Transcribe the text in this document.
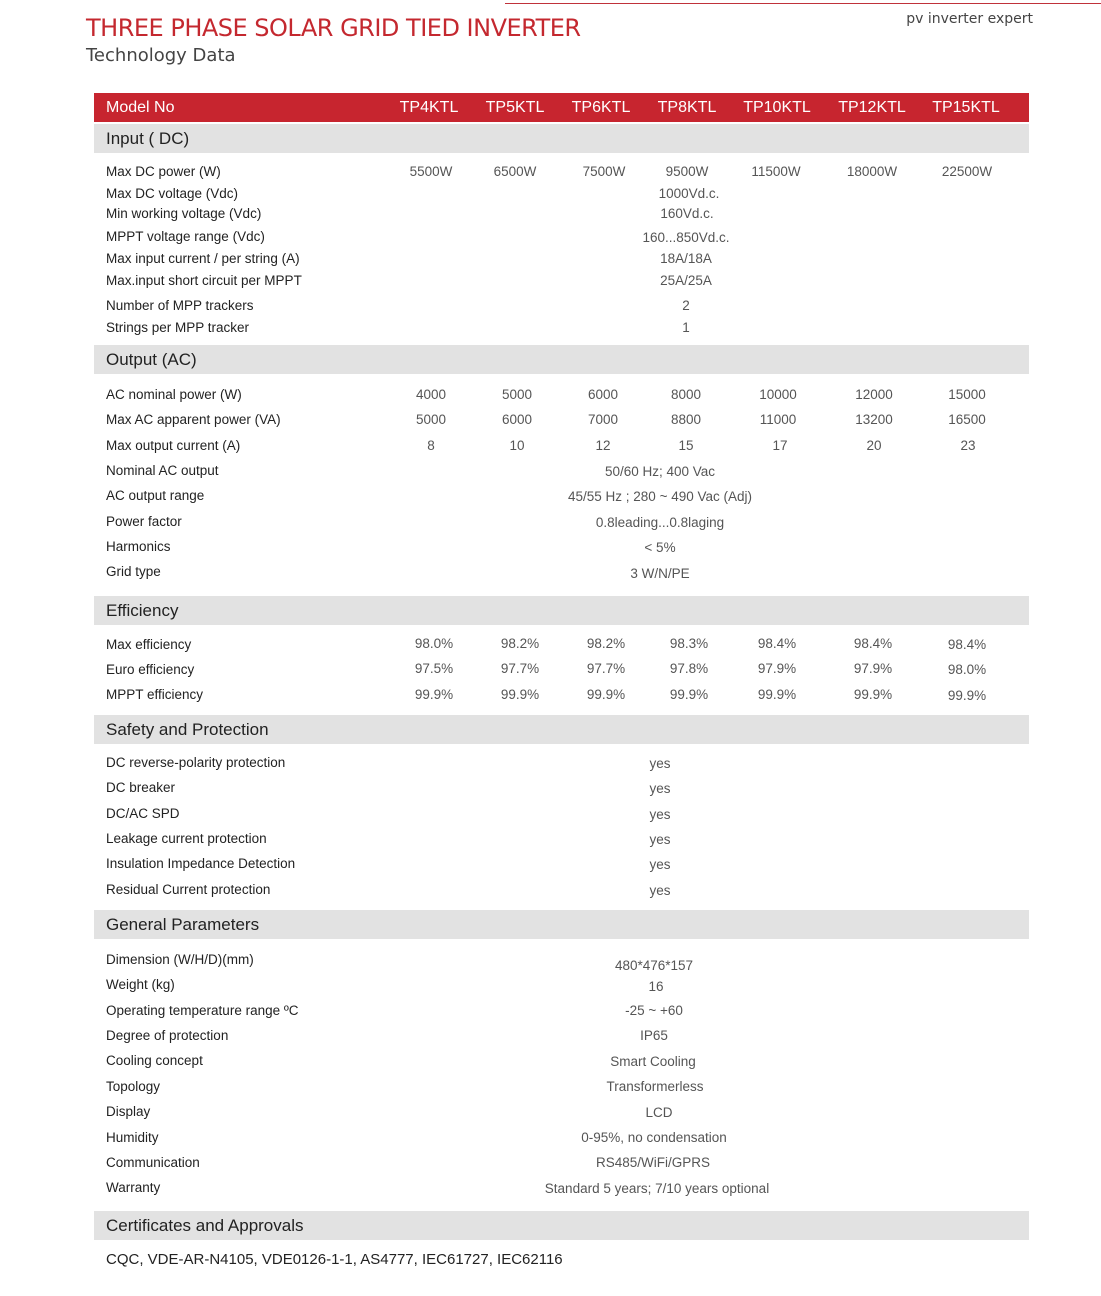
pv inverter expert
THREE PHASE SOLAR GRID TIED INVERTER
Technology Data
Model No	TP4KTL TP5KTL TP6KTL TP8KTL TP10KTL TP12KTL TP15KTL
Input ( DC)
Max DC power (W)	5500W	6500W	7500W	9500W	11500W	18000W	22500W
Max DC voltage (Vdc)	1000Vd.c.
Min working voltage (Vdc)	160Vd.c.
MPPT voltage range (Vdc)	160...850Vd.c.
Max input current / per string (A)	18A/18A
Max.input short circuit per MPPT	25A/25A
Number of MPP trackers	2
Strings per MPP tracker	1
Output (AC)
AC nominal power (W)	4000	5000	6000	8000	10000	12000	15000
Max AC apparent power (VA)	5000	6000	7000	8800	11000	13200	16500
Max output current (A)	8	10	12	15	17	20	23
Nominal AC output	50/60 Hz; 400 Vac
AC output range	45/55 Hz ; 280 ~ 490 Vac (Adj)
Power factor	0.8leading...0.8laging
Harmonics	< 5%
Grid type	3 W/N/PE
Efficiency
Max efficiency	98.0%	98.2%	98.2%	98.3%	98.4%	98.4%	98.4%
Euro efficiency	97.5%	97.7%	97.7%	97.8%	97.9%	97.9%	98.0%
MPPT efficiency	99.9%	99.9%	99.9%	99.9%	99.9%	99.9%	99.9%
Safety and Protection
DC reverse-polarity protection	yes
DC breaker	yes
DC/AC SPD	yes
Leakage current protection	yes
Insulation Impedance Detection	yes
Residual Current protection	yes
General Parameters
Dimension (W/H/D)(mm)	480*476*157
Weight (kg)	16
Operating temperature range ºC	-25 ~ +60
Degree of protection	IP65
Cooling concept	Smart Cooling
Topology	Transformerless
Display	LCD
Humidity	0-95%, no condensation
Communication	RS485/WiFi/GPRS
Warranty	Standard 5 years; 7/10 years optional
Certificates and Approvals
CQC, VDE-AR-N4105, VDE0126-1-1, AS4777, IEC61727, IEC62116
